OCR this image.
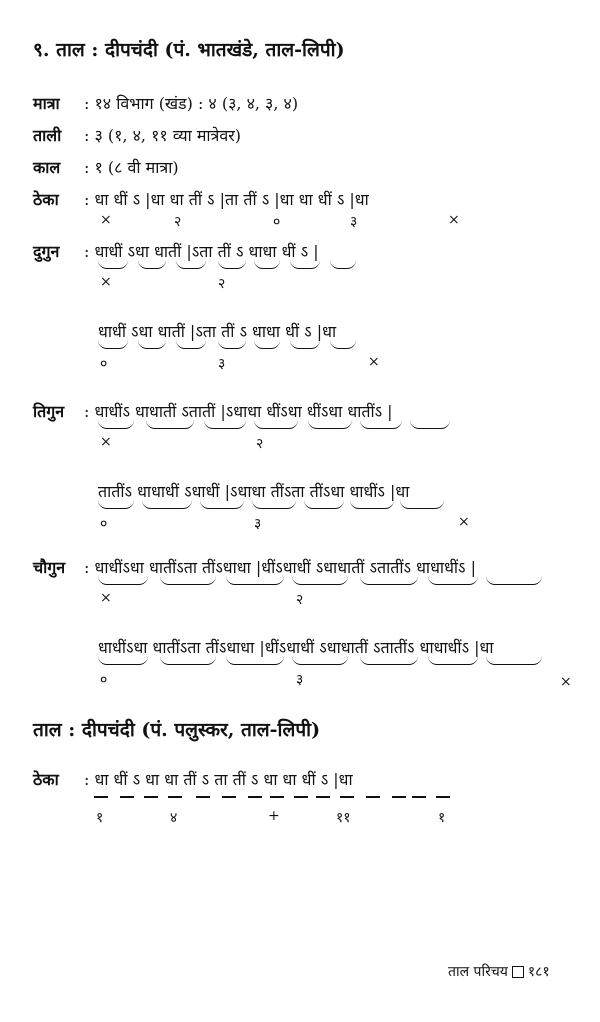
९. ताल : दीपचंदी (पं. भातखंडे, ताल-लिपी)
मात्रा : १४ विभाग (खंड) : ४ (३, ४, ३, ४)
ताली : ३ (१, ४, ११ व्या मात्रेवर)
काल : १ (८ वी मात्रा)
ठेका : धा धीं ऽ |धा धा तीं ऽ |ता तीं ऽ |धा धा धीं ऽ |धा
×	२	०	३	×
दुगुन : धाधीं ऽधा धातीं |ऽता तीं ऽ धाधा धीं ऽ |
×	२
धाधीं ऽधा धातीं |ऽता तीं ऽ धाधा धीं ऽ |धा
०	३	×
तिगुन : धाधींऽ धाधातीं ऽतातीं |ऽधाधा धींऽधा धींऽधा धातींऽ |
×	२
तातींऽ धाधाधीं ऽधाधीं |ऽधाधा तींऽता तींऽधा धाधींऽ |धा
०	३	×
चौगुन : धाधींऽधा धातींऽता तींऽधाधा |धींऽधाधीं ऽधाधातीं ऽतातींऽ धाधाधींऽ |
×	२
धाधींऽधा धातींऽता तींऽधाधा |धींऽधाधीं ऽधाधातीं ऽतातींऽ धाधाधींऽ |धा
०	३	×
ताल : दीपचंदी (पं. पलुस्कर, ताल-लिपी)
ठेका : धा धीं ऽ धा धा तीं ऽ ता तीं ऽ धा धा धीं ऽ |धा
१	४	+	११	१
ताल परिचय १८१
